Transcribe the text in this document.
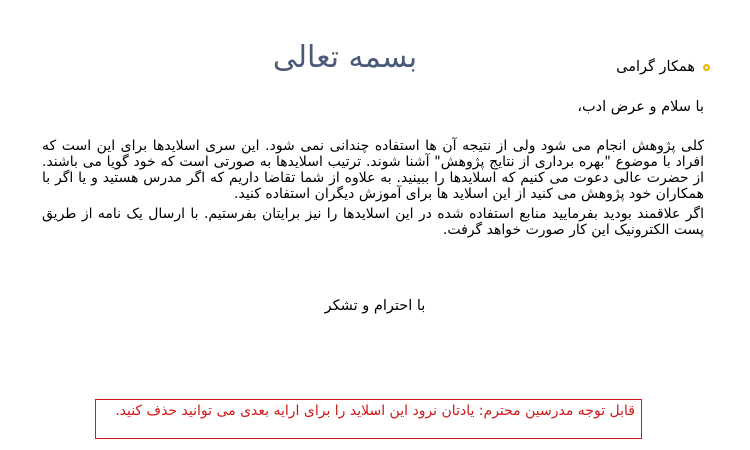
بسمه تعالی	همکار گرامی
با سلام و عرض ادب،

کلی پژوهش انجام می شود ولی از نتیجه آن ها استفاده چندانی نمی شود. این سری اسلایدها برای این است که افراد با موضوع "بهره برداری از نتایج پژوهش" آشنا شوند. ترتیب اسلایدها به صورتی است که خود گویا می باشند. از حضرت عالی دعوت می کنیم که اسلایدها را ببینید. به علاوه از شما تقاضا داریم که اگر مدرس هستید و یا اگر با همکاران خود پژوهش می کنید از این اسلاید ها برای آموزش دیگران استفاده کنید.

اگر علاقمند بودید بفرمایید منابع استفاده شده در این اسلایدها را نیز برایتان بفرستیم. با ارسال یک نامه از طریق پست الکترونیک این کار صورت خواهد گرفت.

با احترام و تشکر
قابل توجه مدرسین محترم: یادتان نرود این اسلاید را برای ارایه بعدی می توانید حذف کنید.
